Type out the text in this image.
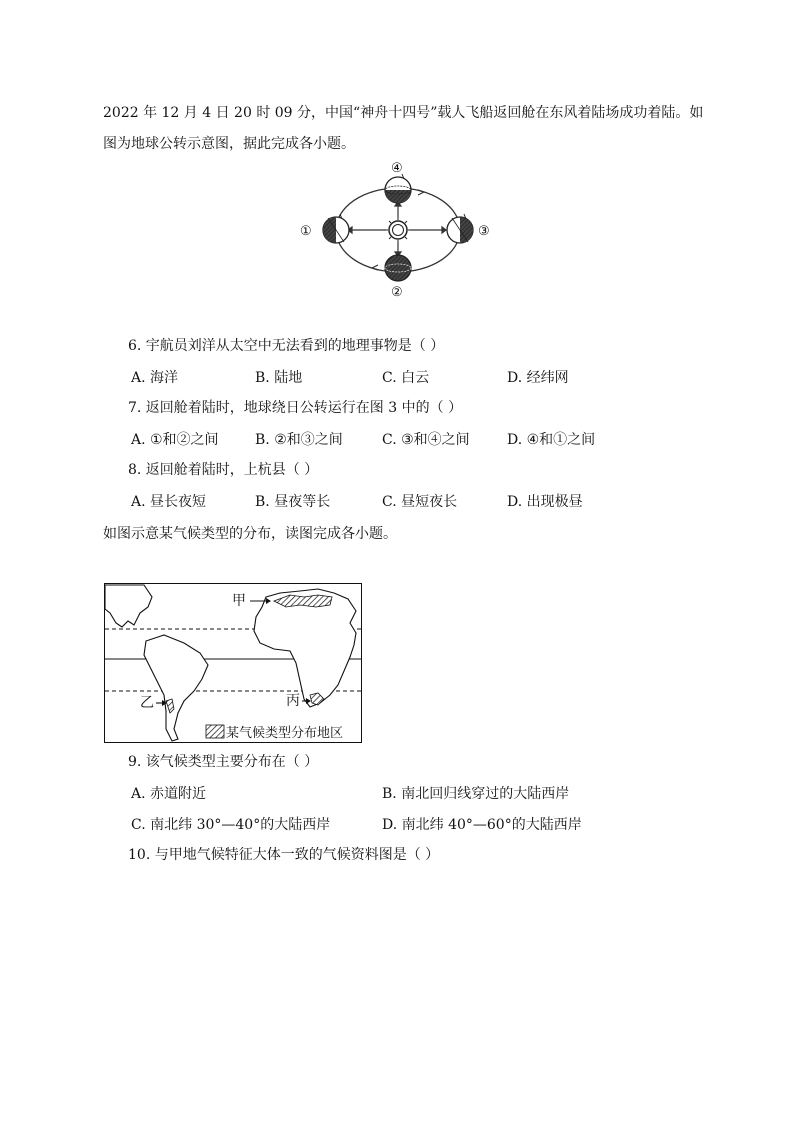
2022 年 12 月 4 日 20 时 09 分，中国“神舟十四号”载人飞船返回舱在东风着陆场成功着陆。如
图为地球公转示意图，据此完成各小题。
④
②
①	③
6. 宇航员刘洋从太空中无法看到的地理事物是（ ）
A. 海洋	B. 陆地	C. 白云	D. 经纬网
7. 返回舱着陆时，地球绕日公转运行在图 3 中的（ ）
A. ①和②之间	B. ②和③之间	C. ③和④之间	D. ④和①之间
8. 返回舱着陆时，上杭县（ ）
A. 昼长夜短	B. 昼夜等长	C. 昼短夜长	D. 出现极昼
如图示意某气候类型的分布，读图完成各小题。
甲
丙
乙
某气候类型分布地区
9. 该气候类型主要分布在（ ）
A. 赤道附近	B. 南北回归线穿过的大陆西岸
C. 南北纬 30°—40°的大陆西岸	D. 南北纬 40°—60°的大陆西岸
10. 与甲地气候特征大体一致的气候资料图是（ ）
